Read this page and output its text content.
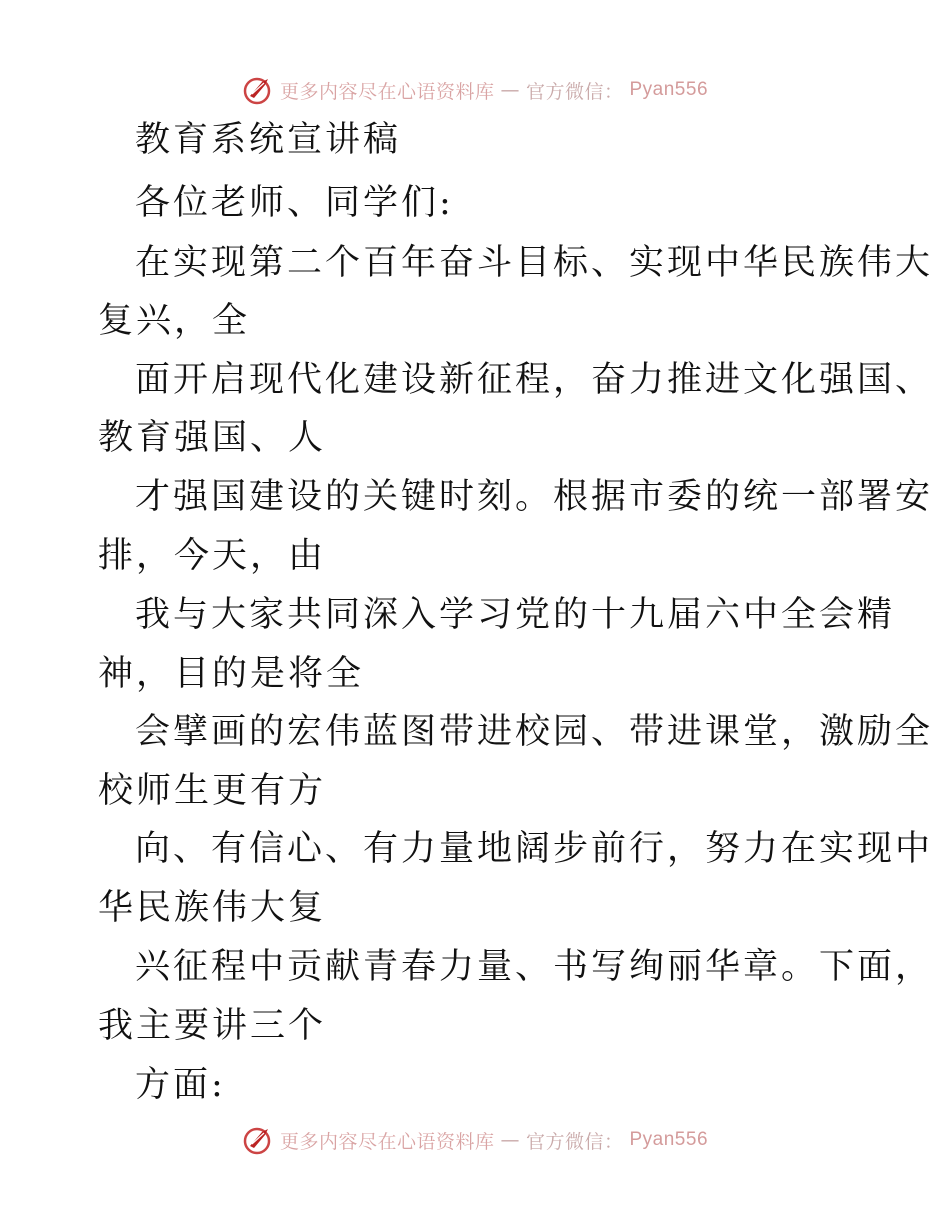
更多内容尽在心语资料库 — 官方微信： Pyan556
教育系统宣讲稿
各位老师、同学们:
在实现第二个百年奋斗目标、实现中华民族伟大
复兴，全
面开启现代化建设新征程，奋力推进文化强国、
教育强国、人
才强国建设的关键时刻。根据市委的统一部署安
排，今天，由
我与大家共同深入学习党的十九届六中全会精
神，目的是将全
会擘画的宏伟蓝图带进校园、带进课堂，激励全
校师生更有方
向、有信心、有力量地阔步前行，努力在实现中
华民族伟大复
兴征程中贡献青春力量、书写绚丽华章。下面，
我主要讲三个
方面:
更多内容尽在心语资料库 — 官方微信： Pyan556
